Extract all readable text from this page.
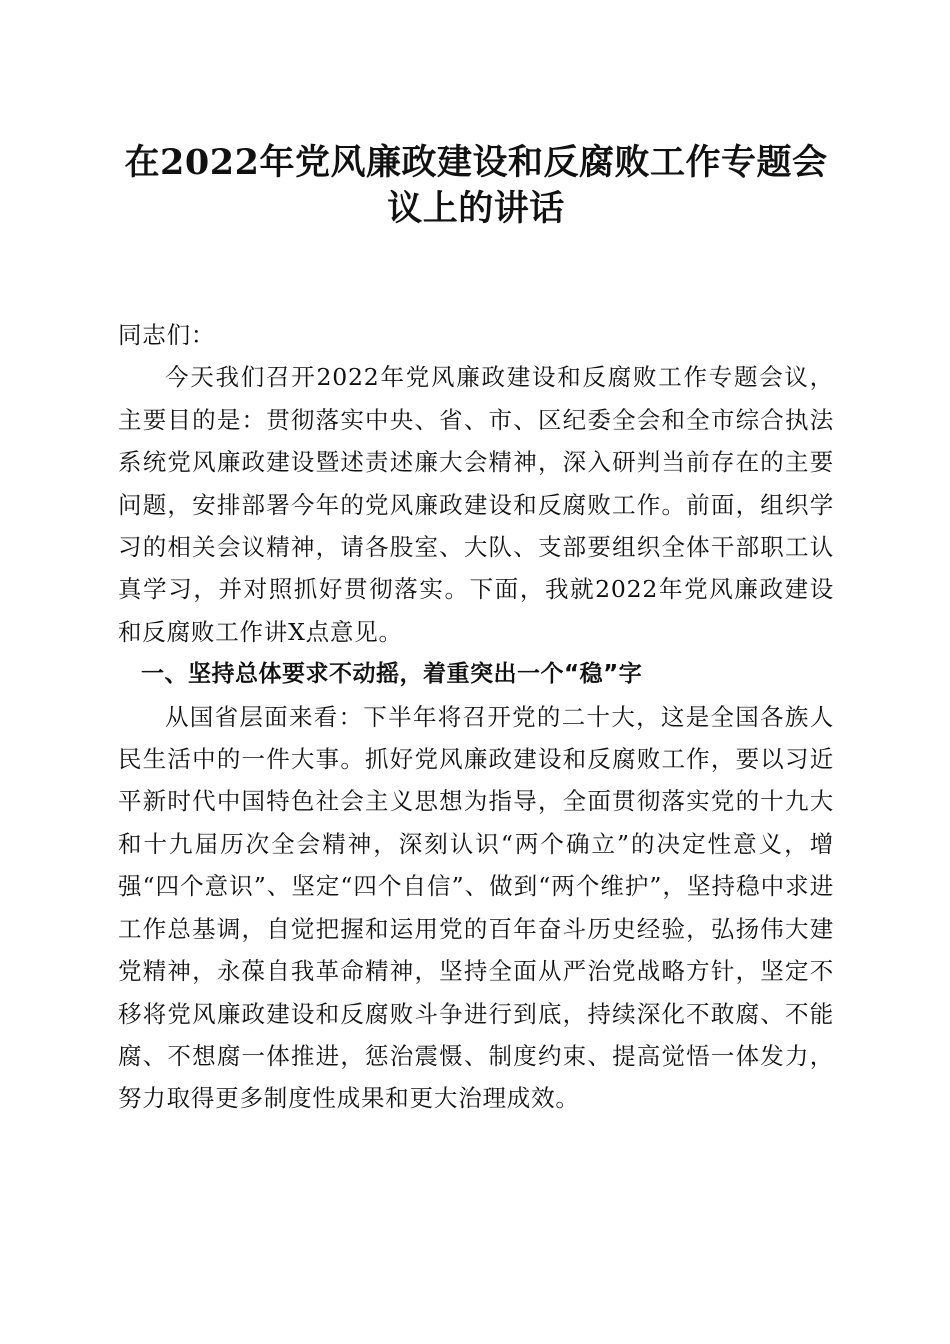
在2022年党风廉政建设和反腐败工作专题会
议上的讲话

同志们：

今天我们召开2022年党风廉政建设和反腐败工作专题会议，主要目的是：贯彻落实中央、省、市、区纪委全会和全市综合执法系统党风廉政建设暨述责述廉大会精神，深入研判当前存在的主要问题，安排部署今年的党风廉政建设和反腐败工作。前面，组织学习的相关会议精神，请各股室、大队、支部要组织全体干部职工认真学习，并对照抓好贯彻落实。下面，我就2022年党风廉政建设和反腐败工作讲X点意见。

一、坚持总体要求不动摇，着重突出一个“稳”字

从国省层面来看：下半年将召开党的二十大，这是全国各族人民生活中的一件大事。抓好党风廉政建设和反腐败工作，要以习近平新时代中国特色社会主义思想为指导，全面贯彻落实党的十九大和十九届历次全会精神，深刻认识“两个确立”的决定性意义，增强“四个意识”、坚定“四个自信”、做到“两个维护”，坚持稳中求进工作总基调，自觉把握和运用党的百年奋斗历史经验，弘扬伟大建党精神，永葆自我革命精神，坚持全面从严治党战略方针，坚定不移将党风廉政建设和反腐败斗争进行到底，持续深化不敢腐、不能腐、不想腐一体推进，惩治震慑、制度约束、提高觉悟一体发力，努力取得更多制度性成果和更大治理成效。
